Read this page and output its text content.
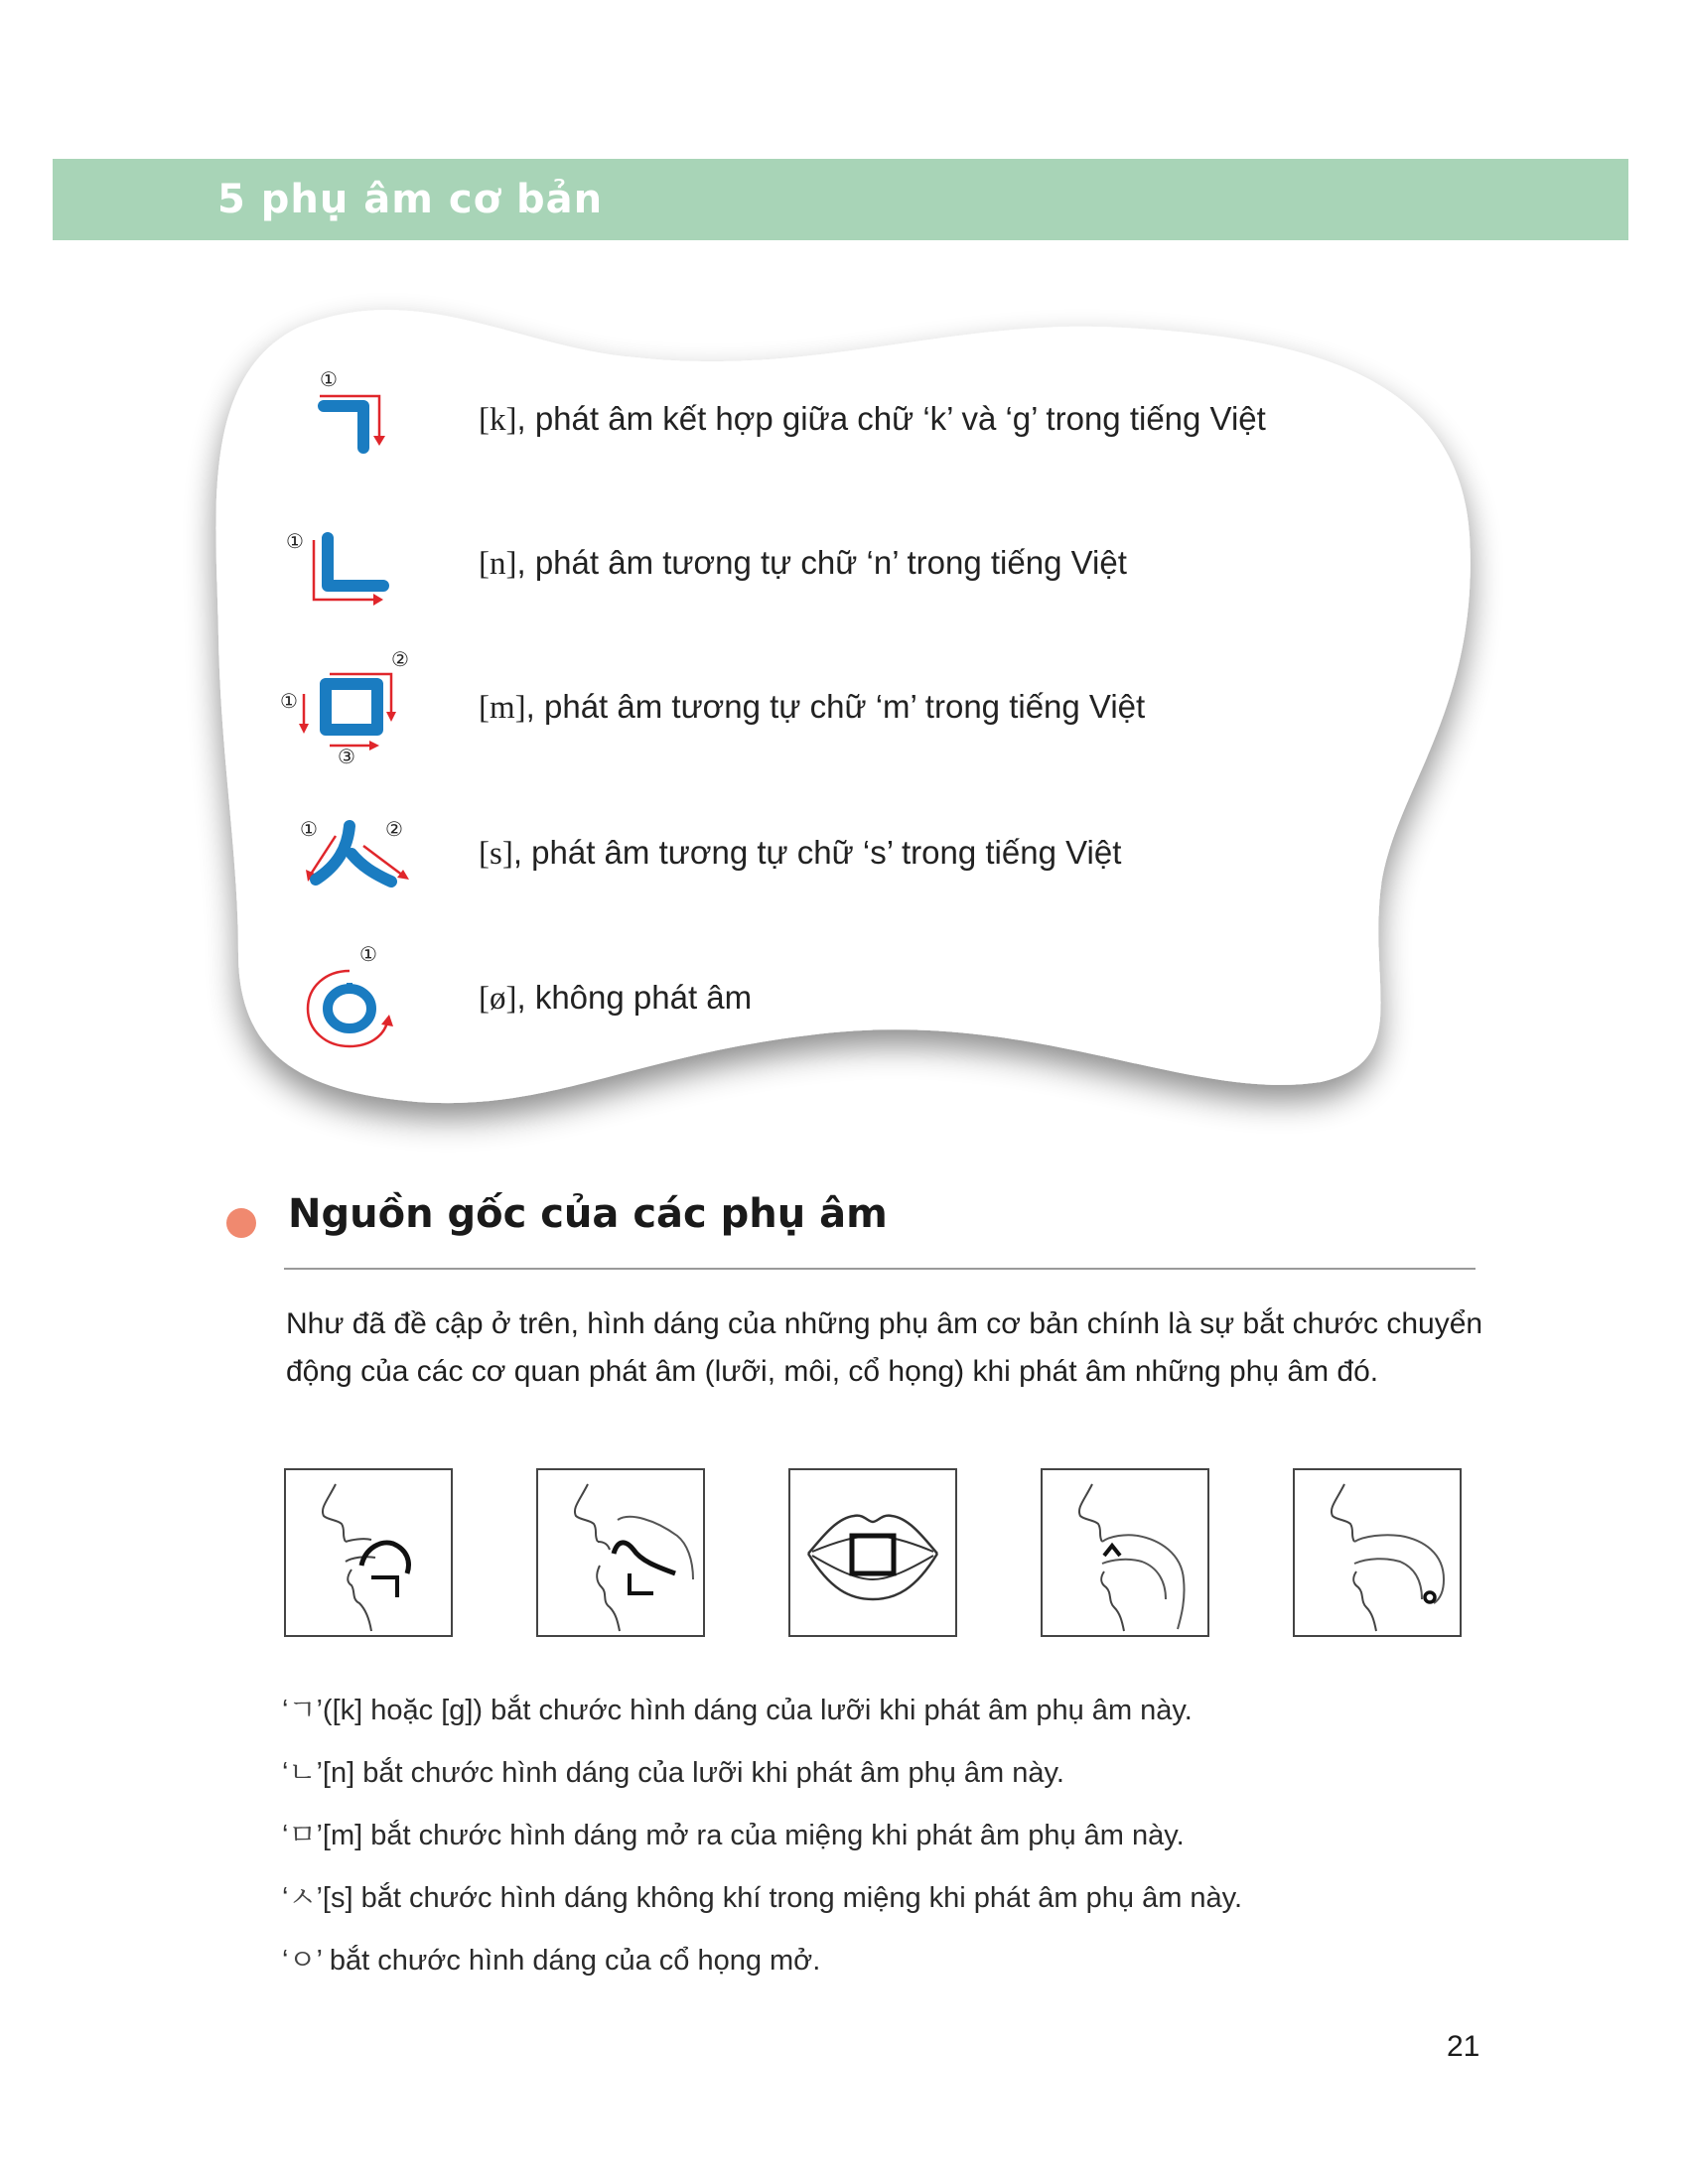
5 phụ âm cơ bản
①
[k], phát âm kết hợp giữa chữ ‘k’ và ‘g’ trong tiếng Việt
①
[n], phát âm tương tự chữ ‘n’ trong tiếng Việt
②
①
③
[m], phát âm tương tự chữ ‘m’ trong tiếng Việt
①	②
[s], phát âm tương tự chữ ‘s’ trong tiếng Việt
①
[ø], không phát âm
Nguồn gốc của các phụ âm

Như đã đề cập ở trên, hình dáng của những phụ âm cơ bản chính là sự bắt chước chuyển
động của các cơ quan phát âm (lưỡi, môi, cổ họng) khi phát âm những phụ âm đó.

‘ㄱ’([k] hoặc [g]) bắt chước hình dáng của lưỡi khi phát âm phụ âm này.

‘ㄴ’[n] bắt chước hình dáng của lưỡi khi phát âm phụ âm này.

‘ㅁ’[m] bắt chước hình dáng mở ra của miệng khi phát âm phụ âm này.

‘ㅅ’[s] bắt chước hình dáng không khí trong miệng khi phát âm phụ âm này.

‘ㅇ’ bắt chước hình dáng của cổ họng mở.

21
